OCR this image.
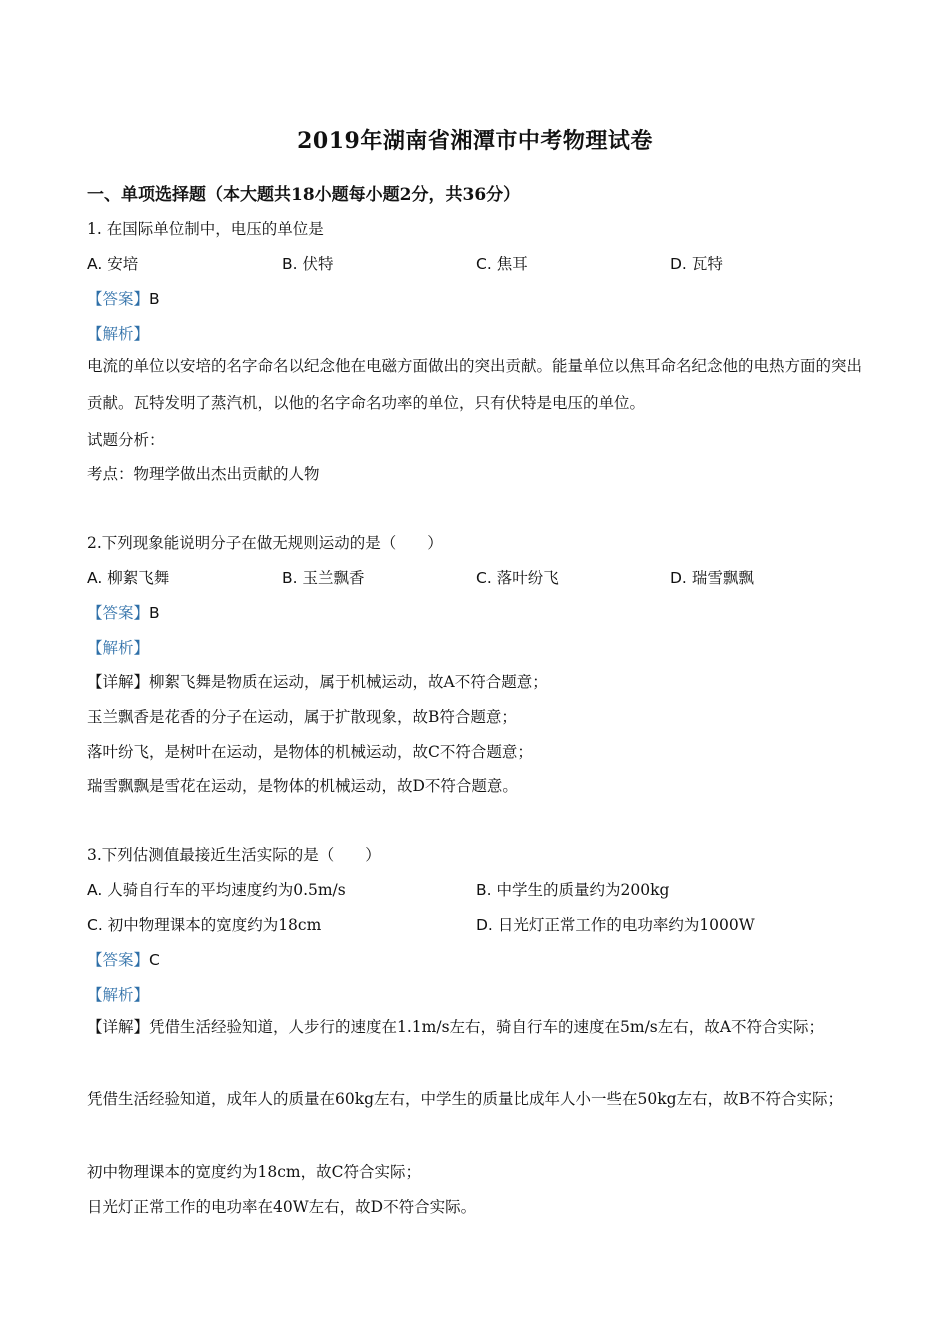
2019年湖南省湘潭市中考物理试卷
一、单项选择题（本大题共18小题每小题2分，共36分）
1. 在国际单位制中，电压的单位是
A. 安培	B. 伏特	C. 焦耳	D. 瓦特
【答案】B
【解析】
电流的单位以安培的名字命名以纪念他在电磁方面做出的突出贡献。能量单位以焦耳命名纪念他的电热方面的突出贡献。瓦特发明了蒸汽机，以他的名字命名功率的单位，只有伏特是电压的单位。
试题分析：
考点：物理学做出杰出贡献的人物
2.下列现象能说明分子在做无规则运动的是（　　）
A. 柳絮飞舞	B. 玉兰飘香	C. 落叶纷飞	D. 瑞雪飘飘
【答案】B
【解析】
【详解】柳絮飞舞是物质在运动，属于机械运动，故A不符合题意；
玉兰飘香是花香的分子在运动，属于扩散现象，故B符合题意；
落叶纷飞，是树叶在运动，是物体的机械运动，故C不符合题意；
瑞雪飘飘是雪花在运动，是物体的机械运动，故D不符合题意。
3.下列估测值最接近生活实际的是（　　）
A. 人骑自行车的平均速度约为0.5m/s	B. 中学生的质量约为200kg
C. 初中物理课本的宽度约为18cm	D. 日光灯正常工作的电功率约为1000W
【答案】C
【解析】
【详解】凭借生活经验知道，人步行的速度在1.1m/s左右，骑自行车的速度在5m/s左右，故A不符合实际；
凭借生活经验知道，成年人的质量在60kg左右，中学生的质量比成年人小一些在50kg左右，故B不符合实际；
初中物理课本的宽度约为18cm，故C符合实际；
日光灯正常工作的电功率在40W左右，故D不符合实际。
